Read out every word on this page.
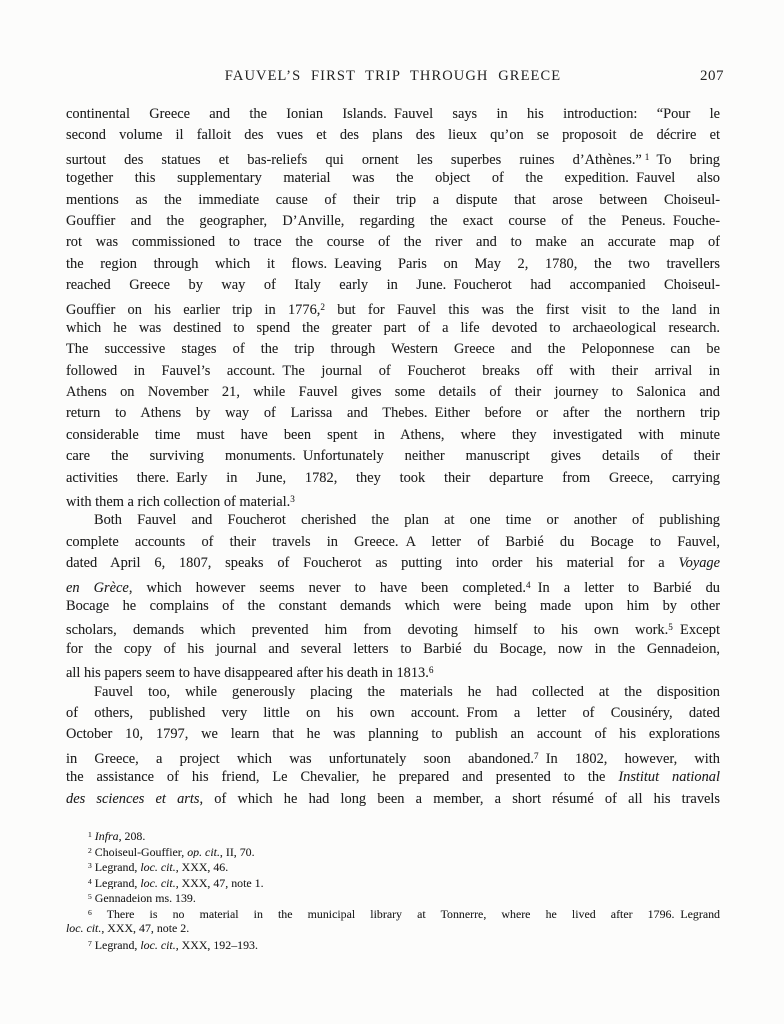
FAUVEL’S FIRST TRIP THROUGH GREECE	207
continental Greece and the Ionian Islands. Fauvel says in his introduction: “Pour le
second volume il falloit des vues et des plans des lieux qu’on se proposoit de décrire et
surtout des statues et bas-reliefs qui ornent les superbes ruines d’Athènes.” $^1$ To bring
together this supplementary material was the object of the expedition. Fauvel also
mentions as the immediate cause of their trip a dispute that arose between Choiseul-
Gouffier and the geographer, D’Anville, regarding the exact course of the Peneus. Fouche-
rot was commissioned to trace the course of the river and to make an accurate map of
the region through which it flows. Leaving Paris on May 2, 1780, the two travellers
reached Greece by way of Italy early in June. Foucherot had accompanied Choiseul-
Gouffier on his earlier trip in 1776,$^2$ but for Fauvel this was the first visit to the land in
which he was destined to spend the greater part of a life devoted to archaeological research.
The successive stages of the trip through Western Greece and the Peloponnese can be
followed in Fauvel’s account. The journal of Foucherot breaks off with their arrival in
Athens on November 21, while Fauvel gives some details of their journey to Salonica and
return to Athens by way of Larissa and Thebes. Either before or after the northern trip
considerable time must have been spent in Athens, where they investigated with minute
care the surviving monuments. Unfortunately neither manuscript gives details of their
activities there. Early in June, 1782, they took their departure from Greece, carrying
with them a rich collection of material.$^3$
Both Fauvel and Foucherot cherished the plan at one time or another of publishing
complete accounts of their travels in Greece. A letter of Barbié du Bocage to Fauvel,
dated April 6, 1807, speaks of Foucherot as putting into order his material for a Voyage
en Grèce, which however seems never to have been completed.$^4$ In a letter to Barbié du
Bocage he complains of the constant demands which were being made upon him by other
scholars, demands which prevented him from devoting himself to his own work.$^5$ Except
for the copy of his journal and several letters to Barbié du Bocage, now in the Gennadeion,
all his papers seem to have disappeared after his death in 1813.$^6$
Fauvel too, while generously placing the materials he had collected at the disposition
of others, published very little on his own account. From a letter of Cousinéry, dated
October 10, 1797, we learn that he was planning to publish an account of his explorations
in Greece, a project which was unfortunately soon abandoned.$^7$ In 1802, however, with
the assistance of his friend, Le Chevalier, he prepared and presented to the Institut national
des sciences et arts, of which he had long been a member, a short résumé of all his travels
$^1$ Infra, 208.
$^2$ Choiseul-Gouffier, op. cit., II, 70.
$^3$ Legrand, loc. cit., XXX, 46.
$^4$ Legrand, loc. cit., XXX, 47, note 1.
$^5$ Gennadeion ms. 139.
$^6$ There is no material in the municipal library at Tonnerre, where he lived after 1796. Legrand
loc. cit., XXX, 47, note 2.
$^7$ Legrand, loc. cit., XXX, 192–193.
